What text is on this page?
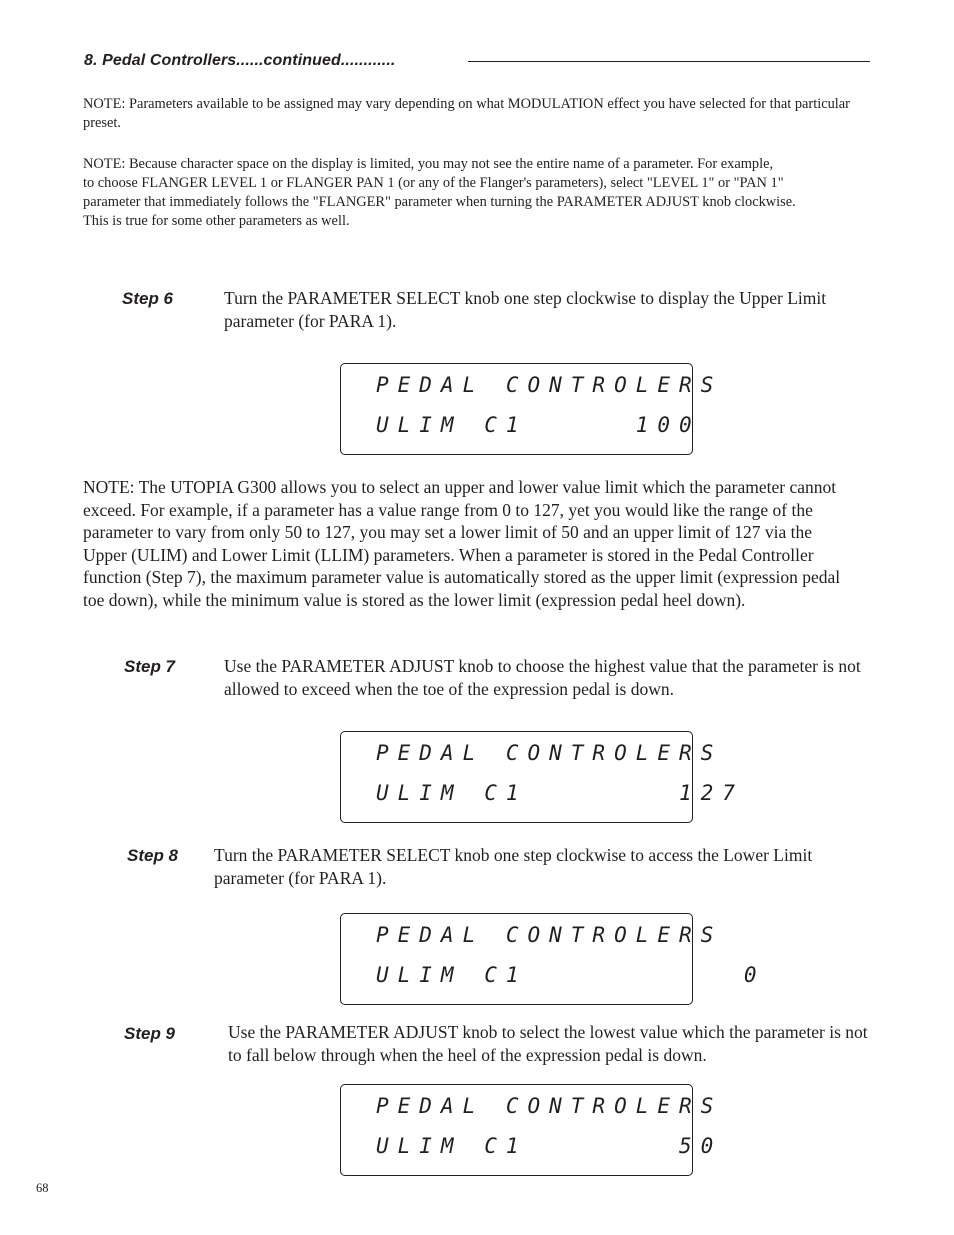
8. Pedal Controllers......continued............
NOTE: Parameters available to be assigned may vary depending on what MODULATION effect you have selected for that particular preset.
NOTE: Because character space on the display is limited, you may not see the entire name of a parameter. For example,
to choose FLANGER LEVEL 1 or FLANGER PAN 1 (or any of the Flanger's parameters), select "LEVEL 1" or "PAN 1"
parameter that immediately follows the "FLANGER" parameter when turning the PARAMETER ADJUST knob clockwise.
This is true for some other parameters as well.
Step 6	Turn the PARAMETER SELECT knob one step clockwise to display the Upper Limit parameter (for PARA 1).
PEDAL CONTROLERS
ULIM C1     100
NOTE: The UTOPIA G300 allows you to select an upper and lower value limit which the parameter cannot exceed. For example, if a parameter has a value range from 0 to 127, yet you would like the range of the parameter to vary from only 50 to 127, you may set a lower limit of 50 and an upper limit of 127 via the Upper (ULIM) and Lower Limit (LLIM) parameters. When a parameter is stored in the Pedal Controller function (Step 7), the maximum parameter value is automatically stored as the upper limit (expression pedal toe down), while the minimum value is stored as the lower limit (expression pedal heel down).
Step 7	Use the PARAMETER ADJUST knob to choose the highest value that the parameter is not allowed to exceed when the toe of the expression pedal is down.
PEDAL CONTROLERS
ULIM C1       127
Step 8 Turn the PARAMETER SELECT knob one step clockwise to access the Lower Limit parameter (for PARA 1).
PEDAL CONTROLERS
ULIM C1          0
Step 9	Use the PARAMETER ADJUST knob to select the lowest value which the parameter is not to fall below through when the heel of the expression pedal is down.
PEDAL CONTROLERS
ULIM C1       50
68
